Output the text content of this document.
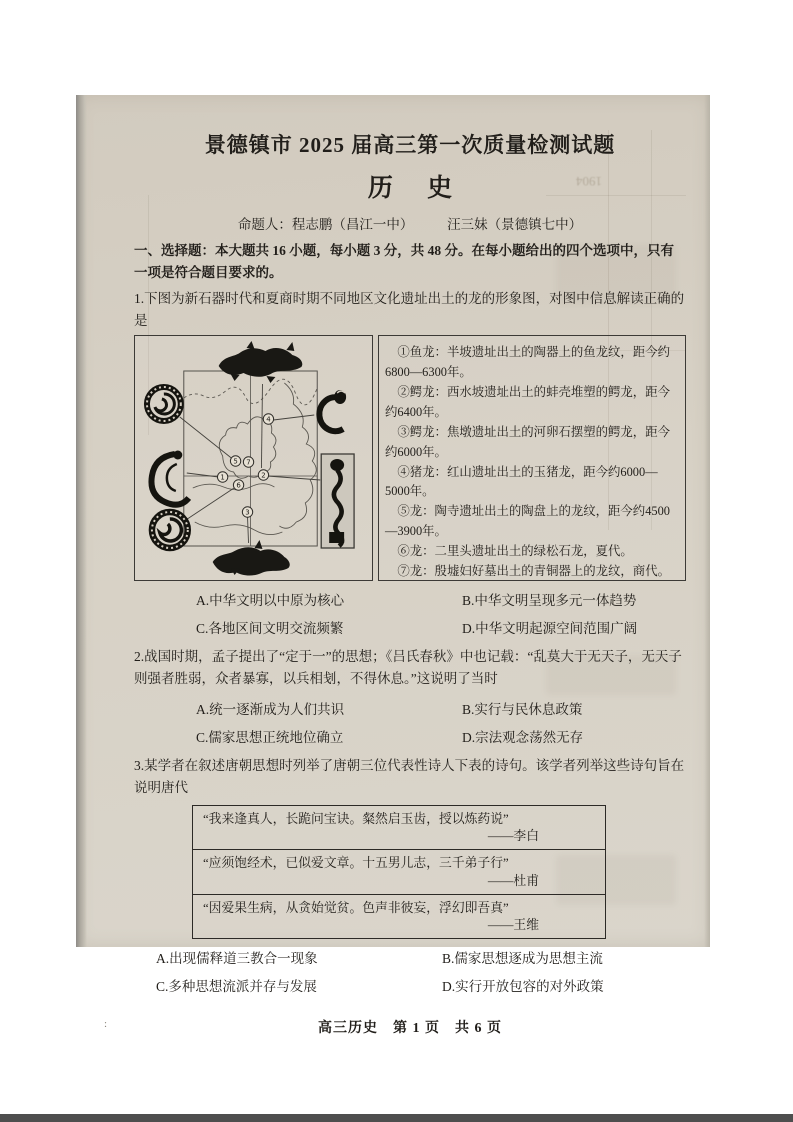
1904
景德镇市 2025 届高三第一次质量检测试题
历 史
命题人：程志鹏（昌江一中）　　　汪三妹（景德镇七中）

一、选择题：本大题共 16 小题，每小题 3 分，共 48 分。在每小题给出的四个选项中，只有一项是符合题目要求的。

1.下图为新石器时代和夏商时期不同地区文化遗址出土的龙的形象图，对图中信息解读正确的是

1	2
3
4
5
6
7

①鱼龙：半坡遗址出土的陶器上的鱼龙纹，距今约6800—6300年。

②鳄龙：西水坡遗址出土的蚌壳堆塑的鳄龙，距今约6400年。

③鳄龙：焦墩遗址出土的河卵石摆塑的鳄龙，距今约6000年。

④猪龙：红山遗址出土的玉猪龙，距今约6000—5000年。

⑤龙：陶寺遗址出土的陶盘上的龙纹，距今约4500—3900年。

⑥龙：二里头遗址出土的绿松石龙，夏代。

⑦龙：殷墟妇好墓出土的青铜器上的龙纹，商代。

A.中华文明以中原为核心	B.中华文明呈现多元一体趋势
C.各地区间文明交流频繁	D.中华文明起源空间范围广阔

2.战国时期，孟子提出了“定于一”的思想；《吕氏春秋》中也记载：“乱莫大于无天子，无天子则强者胜弱，众者暴寡，以兵相刬，不得休息。”这说明了当时

A.统一逐渐成为人们共识	B.实行与民休息政策
C.儒家思想正统地位确立	D.宗法观念荡然无存

3.某学者在叙述唐朝思想时列举了唐朝三位代表性诗人下表的诗句。该学者列举这些诗句旨在说明唐代

“我来逢真人，长跪问宝诀。粲然启玉齿，授以炼药说”
——李白
“应须饱经术，已似爱文章。十五男儿志，三千弟子行”
——杜甫
“因爱果生病，从贪始觉贫。色声非彼妄，浮幻即吾真”
——王维
A.出现儒释道三教合一现象	B.儒家思想逐成为思想主流
C.多种思想流派并存与发展	D.实行开放包容的对外政策
高三历史　第 1 页　共 6 页
:
